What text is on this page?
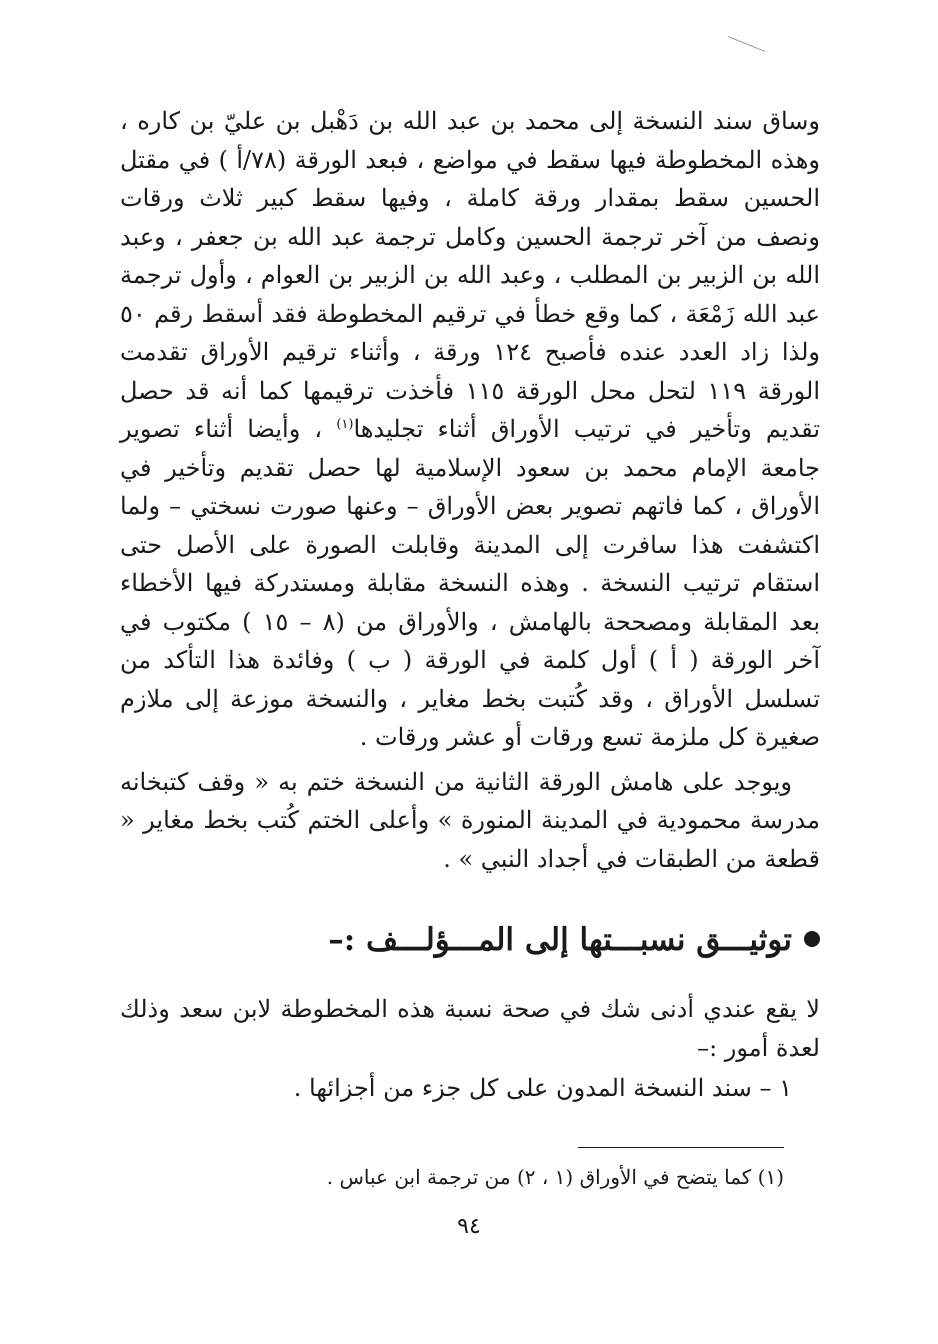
وساق سند النسخة إلى محمد بن عبد الله بن دَهْبل بن عليّ بن كاره ، وهذه المخطوطة فيها سقط في مواضع ، فبعد الورقة (٧٨/أ ) في مقتل الحسين سقط بمقدار ورقة كاملة ، وفيها سقط كبير ثلاث ورقات ونصف من آخر ترجمة الحسين وكامل ترجمة عبد الله بن جعفر ، وعبد الله بن الزبير بن المطلب ، وعبد الله بن الزبير بن العوام ، وأول ترجمة عبد الله زَمْعَة ، كما وقع خطأ في ترقيم المخطوطة فقد أسقط رقم ٥٠ ولذا زاد العدد عنده فأصبح ١٢٤ ورقة ، وأثناء ترقيم الأوراق تقدمت الورقة ١١٩ لتحل محل الورقة ١١٥ فأخذت ترقيمها كما أنه قد حصل تقديم وتأخير في ترتيب الأوراق أثناء تجليدها$^{(١)}$ ، وأيضا أثناء تصوير جامعة الإمام محمد بن سعود الإسلامية لها حصل تقديم وتأخير في الأوراق ، كما فاتهم تصوير بعض الأوراق – وعنها صورت نسختي – ولما اكتشفت هذا سافرت إلى المدينة وقابلت الصورة على الأصل حتى استقام ترتيب النسخة . وهذه النسخة مقابلة ومستدركة فيها الأخطاء بعد المقابلة ومصححة بالهامش ، والأوراق من (٨ – ١٥ ) مكتوب في آخر الورقة ( أ ) أول كلمة في الورقة ( ب ) وفائدة هذا التأكد من تسلسل الأوراق ، وقد كُتبت بخط مغاير ، والنسخة موزعة إلى ملازم صغيرة كل ملزمة تسع ورقات أو عشر ورقات .

ويوجد على هامش الورقة الثانية من النسخة ختم به « وقف كتبخانه مدرسة محمودية في المدينة المنورة » وأعلى الختم كُتب بخط مغاير « قطعة من الطبقات في أجداد النبي » .

توثيـــق نسبـــتها إلى المـــؤلـــف :–

لا يقع عندي أدنى شك في صحة نسبة هذه المخطوطة لابن سعد وذلك لعدة أمور :–

١ – سند النسخة المدون على كل جزء من أجزائها .

(١) كما يتضح في الأوراق (١ ، ٢) من ترجمة ابن عباس .
٩٤
